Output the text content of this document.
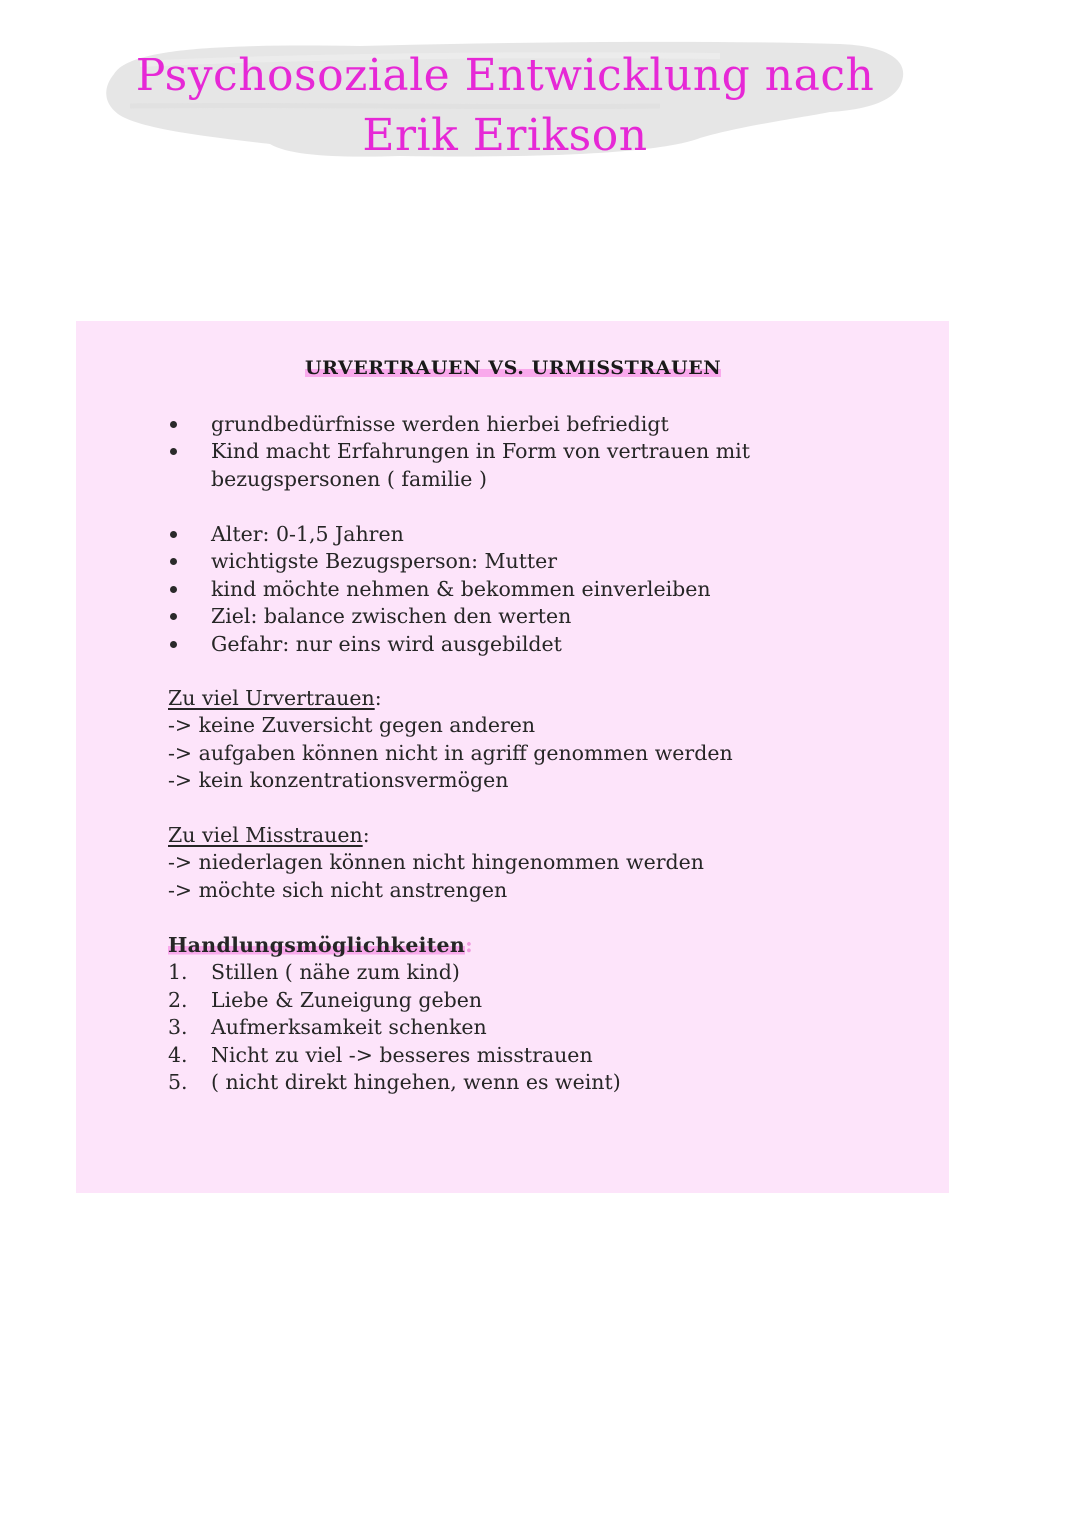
Psychosoziale Entwicklung nach
Erik Erikson
URVERTRAUEN VS. URMISSTRAUEN
grundbedürfnisse werden hierbei befriedigt
Kind macht Erfahrungen in Form von vertrauen mit
bezugspersonen ( familie )
Alter: 0-1,5 Jahren
wichtigste Bezugsperson: Mutter
kind möchte nehmen & bekommen einverleiben
Ziel: balance zwischen den werten
Gefahr: nur eins wird ausgebildet
Zu viel Urvertrauen:
-> keine Zuversicht gegen anderen
-> aufgaben können nicht in agriff genommen werden
-> kein konzentrationsvermögen
Zu viel Misstrauen:
-> niederlagen können nicht hingenommen werden
-> möchte sich nicht anstrengen
Handlungsmöglichkeiten:
1. Stillen ( nähe zum kind)
2. Liebe & Zuneigung geben
3. Aufmerksamkeit schenken
4. Nicht zu viel -> besseres misstrauen
5. ( nicht direkt hingehen, wenn es weint)
